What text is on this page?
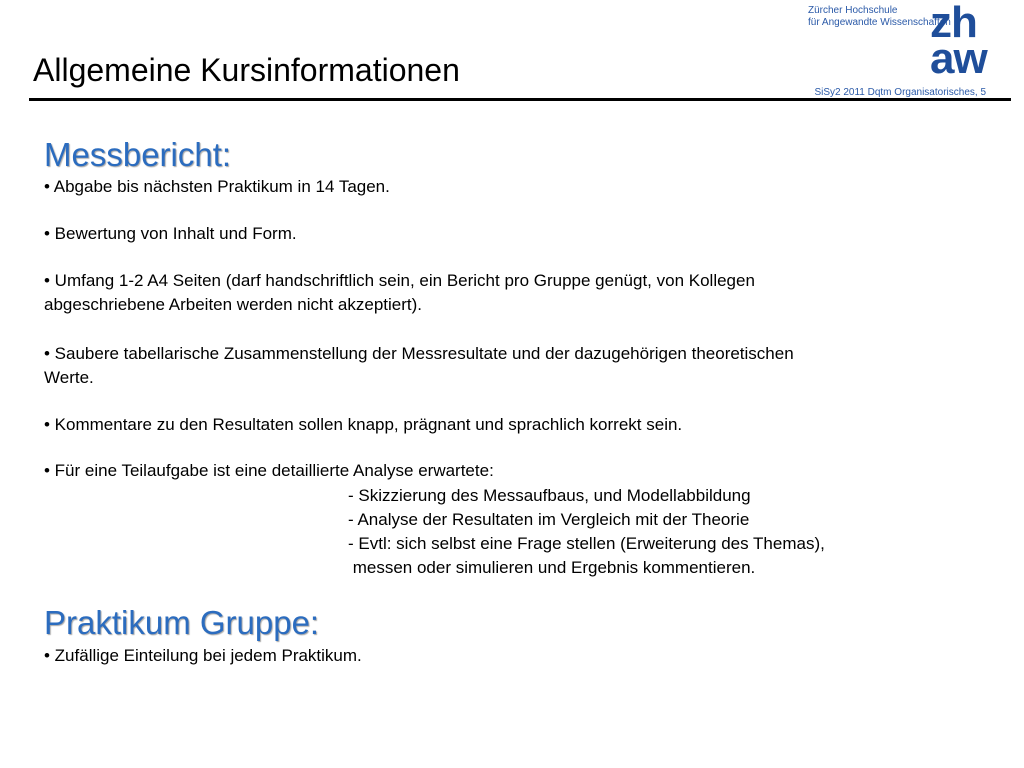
Allgemeine Kursinformationen
SiSy2 2011 Dqtm Organisatorisches, 5
Zürcher Hochschule
für Angewandte Wissenschaften
zh
aw
Messbericht:
• Abgabe bis nächsten Praktikum in 14 Tagen.
• Bewertung von Inhalt und Form.
• Umfang 1-2 A4 Seiten (darf handschriftlich sein, ein Bericht pro Gruppe genügt, von Kollegen
abgeschriebene Arbeiten werden nicht akzeptiert).
• Saubere tabellarische Zusammenstellung der Messresultate und der dazugehörigen theoretischen
Werte.
• Kommentare zu den Resultaten sollen knapp, prägnant und sprachlich korrekt sein.
• Für eine Teilaufgabe ist eine detaillierte Analyse erwartete:
- Skizzierung des Messaufbaus, und Modellabbildung
- Analyse der Resultaten im Vergleich mit der Theorie
- Evtl: sich selbst eine Frage stellen (Erweiterung des Themas),
messen oder simulieren und Ergebnis kommentieren.
Praktikum Gruppe:
• Zufällige Einteilung bei jedem Praktikum.
